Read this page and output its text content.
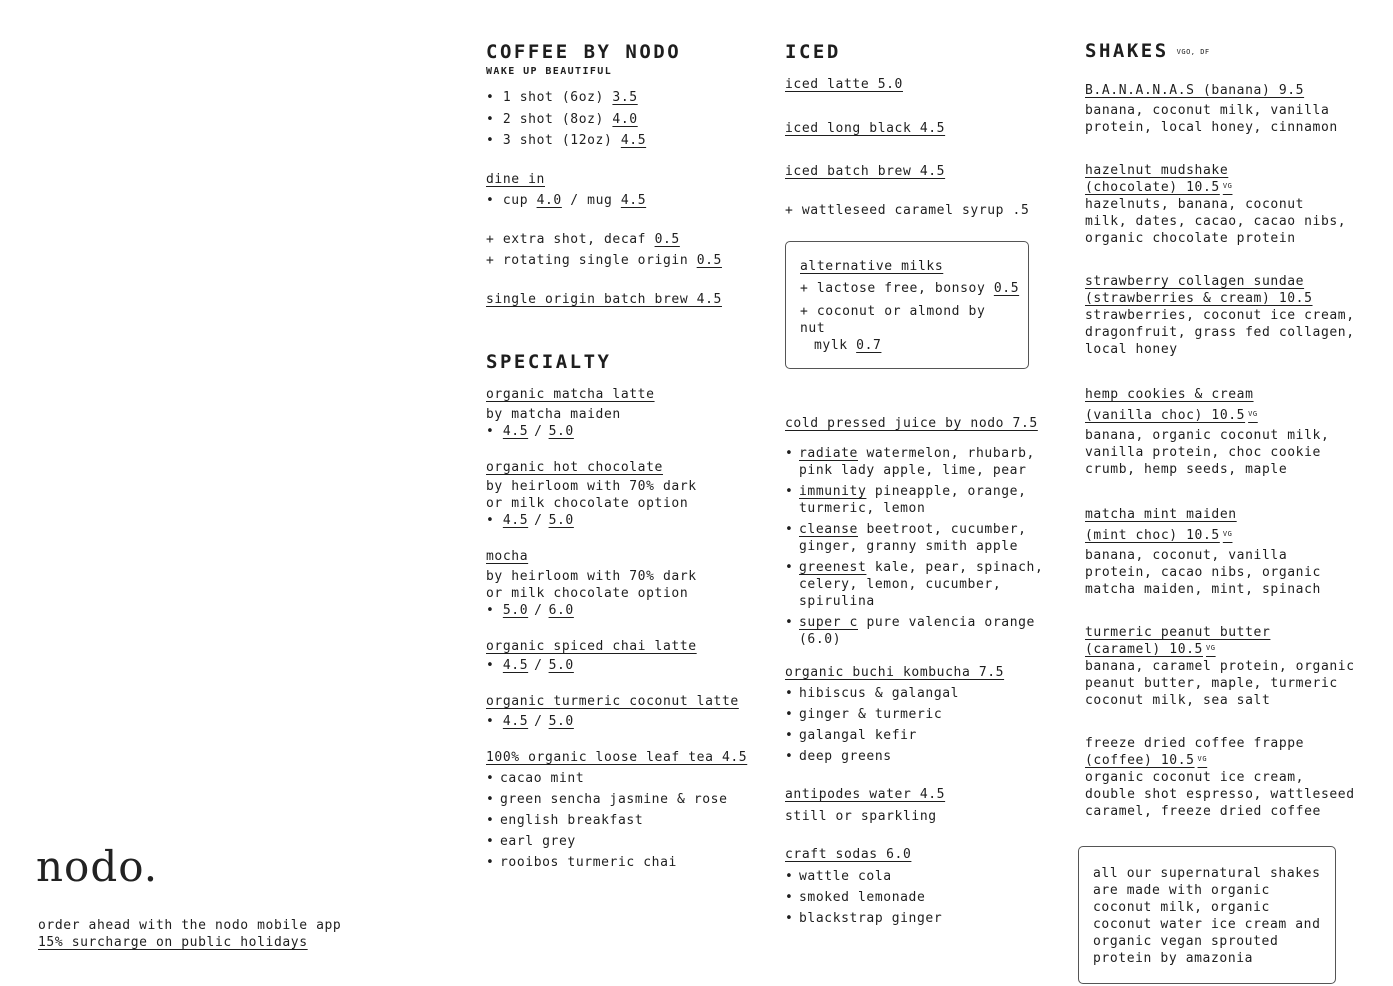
nodo.
order ahead with the nodo mobile app
15% surcharge on public holidays
COFFEE BY NODO
WAKE UP BEAUTIFUL
• 1 shot (6oz) 3.5
• 2 shot (8oz) 4.0
• 3 shot (12oz) 4.5
dine in
• cup 4.0 / mug 4.5
+ extra shot, decaf 0.5
+ rotating single origin 0.5
single origin batch brew 4.5
SPECIALTY
organic matcha latte
by matcha maiden
• 4.5 / 5.0
organic hot chocolate
by heirloom with 70% dark
or milk chocolate option
• 4.5 / 5.0
mocha
by heirloom with 70% dark
or milk chocolate option
• 5.0 / 6.0
organic spiced chai latte
• 4.5 / 5.0
organic turmeric coconut latte
• 4.5 / 5.0
100% organic loose leaf tea 4.5
• cacao mint
• green sencha jasmine & rose
• english breakfast
• earl grey
• rooibos turmeric chai
ICED
iced latte 5.0
iced long black 4.5
iced batch brew 4.5
+ wattleseed caramel syrup .5
alternative milks
+ lactose free, bonsoy 0.5
+ coconut or almond by nut
mylk 0.7
cold pressed juice by nodo 7.5
• radiate watermelon, rhubarb, pink lady apple, lime, pear
• immunity pineapple, orange, turmeric, lemon
• cleanse beetroot, cucumber, ginger, granny smith apple
• greenest kale, pear, spinach, celery, lemon, cucumber, spirulina
• super c pure valencia orange (6.0)
organic buchi kombucha 7.5
• hibiscus & galangal
• ginger & turmeric
• galangal kefir
• deep greens
antipodes water 4.5
still or sparkling
craft sodas 6.0
• wattle cola
• smoked lemonade
• blackstrap ginger
SHAKES $^{VGO, DF}$
B.A.N.A.N.A.S (banana) 9.5
banana, coconut milk, vanilla protein, local honey, cinnamon
hazelnut mudshake
(chocolate) 10.5 $^{VG}$
hazelnuts, banana, coconut milk, dates, cacao, cacao nibs, organic chocolate protein
strawberry collagen sundae
(strawberries & cream) 10.5
strawberries, coconut ice cream, dragonfruit, grass fed collagen, local honey
hemp cookies & cream
(vanilla choc) 10.5 $^{VG}$
banana, organic coconut milk, vanilla protein, choc cookie crumb, hemp seeds, maple
matcha mint maiden
(mint choc) 10.5 $^{VG}$
banana, coconut, vanilla protein, cacao nibs, organic matcha maiden, mint, spinach
turmeric peanut butter
(caramel) 10.5 $^{VG}$
banana, caramel protein, organic peanut butter, maple, turmeric coconut milk, sea salt
freeze dried coffee frappe
(coffee) 10.5 $^{VG}$
organic coconut ice cream, double shot espresso, wattleseed caramel, freeze dried coffee
all our supernatural shakes are made with organic coconut milk, organic coconut water ice cream and organic vegan sprouted protein by amazonia
